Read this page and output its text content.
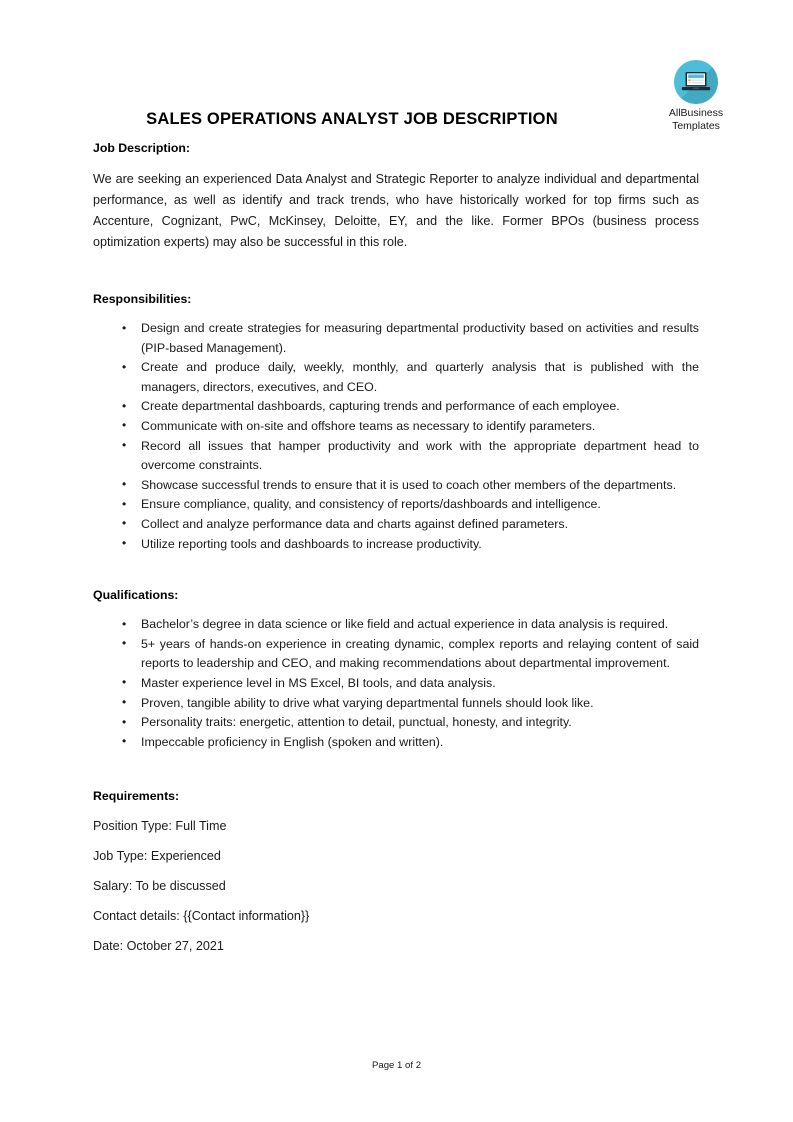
AllBusiness
Templates
SALES OPERATIONS ANALYST JOB DESCRIPTION
Job Description:

We are seeking an experienced Data Analyst and Strategic Reporter to analyze individual and departmental performance, as well as identify and track trends, who have historically worked for top firms such as Accenture, Cognizant, PwC, McKinsey, Deloitte, EY, and the like. Former BPOs (business process optimization experts) may also be successful in this role.

Responsibilities:
• Design and create strategies for measuring departmental productivity based on activities and results (PIP-based Management).
• Create and produce daily, weekly, monthly, and quarterly analysis that is published with the managers, directors, executives, and CEO.
• Create departmental dashboards, capturing trends and performance of each employee.
• Communicate with on-site and offshore teams as necessary to identify parameters.
• Record all issues that hamper productivity and work with the appropriate department head to overcome constraints.
• Showcase successful trends to ensure that it is used to coach other members of the departments.
• Ensure compliance, quality, and consistency of reports/dashboards and intelligence.
• Collect and analyze performance data and charts against defined parameters.
• Utilize reporting tools and dashboards to increase productivity.
Qualifications:
• Bachelor’s degree in data science or like field and actual experience in data analysis is required.
• 5+ years of hands-on experience in creating dynamic, complex reports and relaying content of said reports to leadership and CEO, and making recommendations about departmental improvement.
• Master experience level in MS Excel, BI tools, and data analysis.
• Proven, tangible ability to drive what varying departmental funnels should look like.
• Personality traits: energetic, attention to detail, punctual, honesty, and integrity.
• Impeccable proficiency in English (spoken and written).
Requirements:
Position Type: Full Time
Job Type: Experienced
Salary: To be discussed
Contact details: {{Contact information}}
Date: October 27, 2021
Page 1 of 2
